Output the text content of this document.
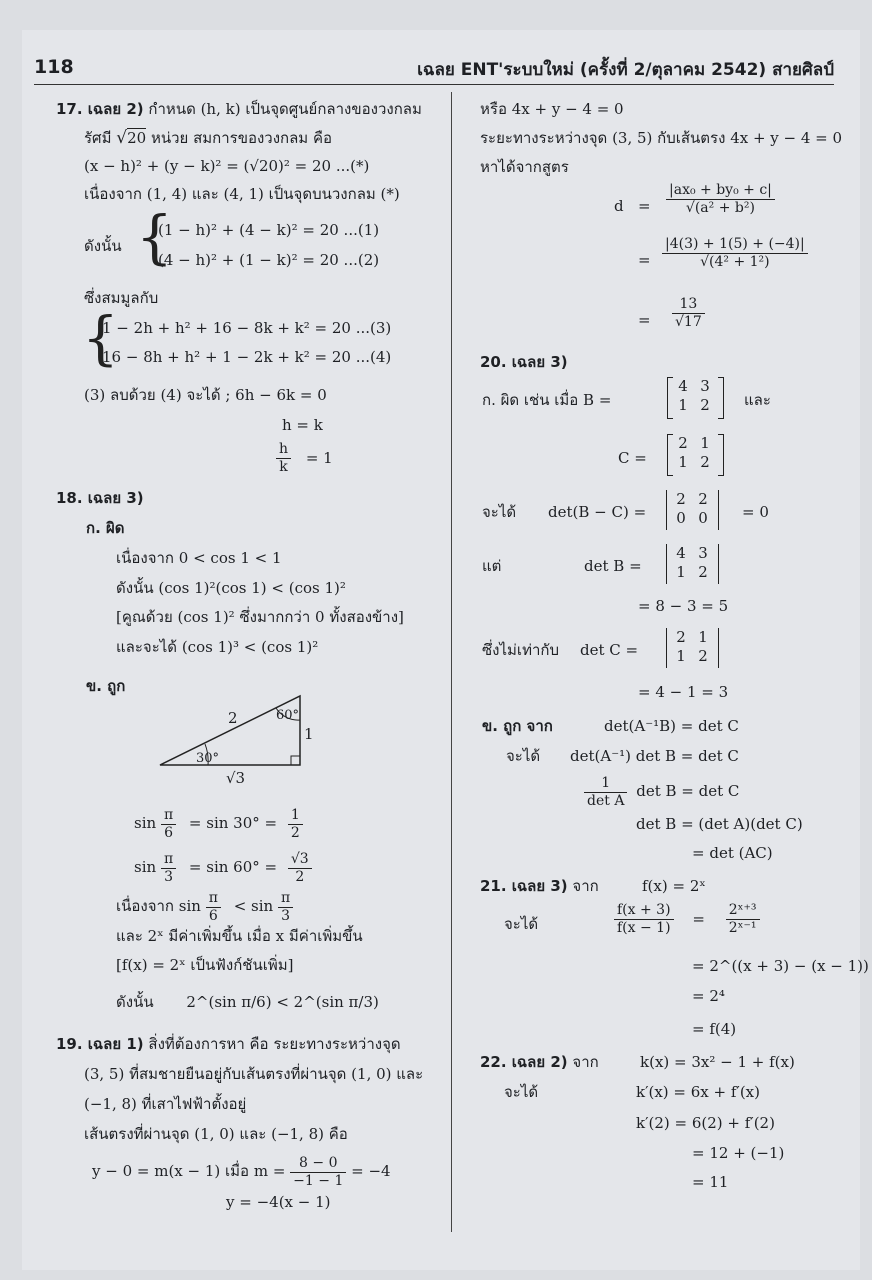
118	เฉลย ENT'ระบบใหม่ (ครั้งที่ 2/ตุลาคม 2542) สายศิลป์
17. เฉลย 2) กำหนด (h, k) เป็นจุดศูนย์กลางของวงกลม
รัศมี √20 หน่วย สมการของวงกลม คือ
(x − h)² + (y − k)² = (√20)² = 20 ...(*)
เนื่องจาก (1, 4) และ (4, 1) เป็นจุดบนวงกลม (*)
ดังนั้น {
(1 − h)² + (4 − k)² = 20 ...(1)
(4 − h)² + (1 − k)² = 20 ...(2)
ซึ่งสมมูลกับ
{
1 − 2h + h² + 16 − 8k + k² = 20 ...(3)
16 − 8h + h² + 1 − 2k + k² = 20 ...(4)
(3) ลบด้วย (4) จะได้ ; 6h − 6k = 0
h = k
$\frac{h}{k} = 1$
18. เฉลย 3)
ก. ผิด
เนื่องจาก 0 < cos 1 < 1
ดังนั้น (cos 1)²(cos 1) < (cos 1)²
[คูณด้วย (cos 1)² ซึ่งมากกว่า 0 ทั้งสองข้าง]
และจะได้ (cos 1)³ < (cos 1)²
ข. ถูก
2	60°
1
30°
√3
$\sin \frac{\pi}{6} = \sin 30^\circ = \frac{1}{2}$
$\sin \frac{\pi}{3} = \sin 60^\circ = \frac{√3}{2}$
เนื่องจาก $\sin \frac{\pi}{6} < \sin \frac{\pi}{3}$
และ 2ˣ มีค่าเพิ่มขึ้น เมื่อ x มีค่าเพิ่มขึ้น
[f(x) = 2ˣ เป็นฟังก์ชันเพิ่ม]
ดังนั้น 2^(sin π/6) < 2^(sin π/3)
19. เฉลย 1) สิ่งที่ต้องการหา คือ ระยะทางระหว่างจุด
(3, 5) ที่สมชายยืนอยู่กับเส้นตรงที่ผ่านจุด (1, 0) และ
(−1, 8) ที่เสาไฟฟ้าตั้งอยู่
เส้นตรงที่ผ่านจุด (1, 0) และ (−1, 8) คือ
y − 0 = m(x − 1) เมื่อ $m = \frac{8 - 0}{-1 - 1} = -4$
y = −4(x − 1)
หรือ 4x + y − 4 = 0
ระยะทางระหว่างจุด (3, 5) กับเส้นตรง 4x + y − 4 = 0
หาได้จากสูตร
$d = \frac{\text{|ax₀ + by₀ + c|}}{\text{√(a² + b²)}}$
= $\frac{|4(3) + 1(5) + (-4)|}{\text{√(4² + 1²)}}$
= $\frac{13}{√17}$
20. เฉลย 3)
ก. ผิด เช่น เมื่อ B =
4 3
1 2	และ
C =
2 1
1 2
จะได้ det(B − C) =
2 2
0 0	= 0
แต่	det B =
4 3
1 2
= 8 − 3 = 5
ซึ่งไม่เท่ากับ det C =
2 1
1 2
= 4 − 1 = 3
ข. ถูก จาก	det(A⁻¹B) = det C
จะได้ det(A⁻¹) det B = det C
$\frac{1}{\text{det A}}$ det B = det C
det B = (det A)(det C)
= det (AC)
21. เฉลย 3) จาก	f(x) = 2ˣ
จะได้	$\frac{f(x + 3)}{f(x - 1)} = \frac{\text{2ˣ⁺³}}{\text{2ˣ⁻¹}}$
= 2^((x + 3) − (x − 1))
= 2⁴
= f(4)
22. เฉลย 2) จาก	k(x) = 3x² − 1 + f(x)
จะได้	k′(x) = 6x + f′(x)
k′(2) = 6(2) + f′(2)
= 12 + (−1)
= 11
